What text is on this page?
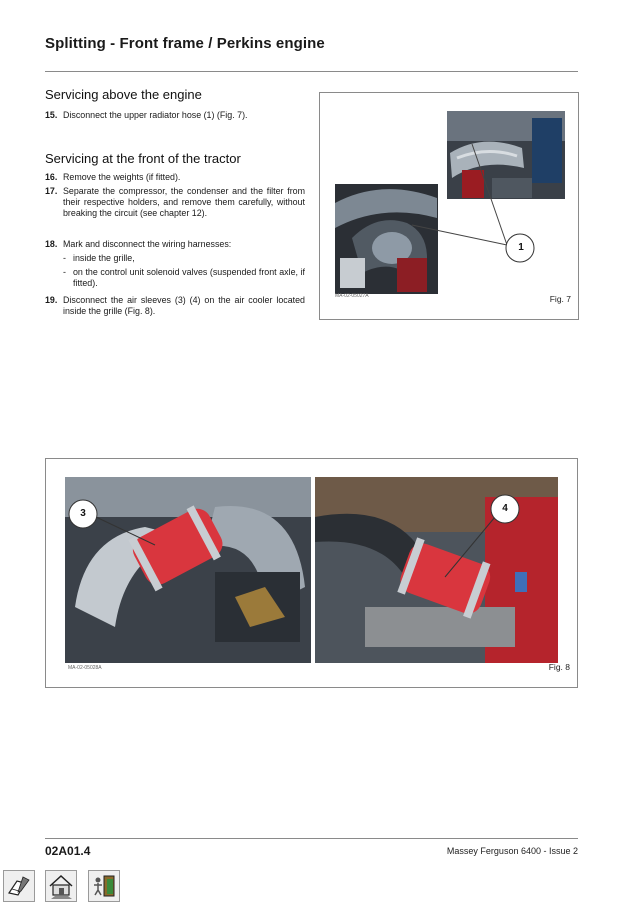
Splitting - Front frame / Perkins engine
Servicing above the engine
15. Disconnect the upper radiator hose (1) (Fig. 7).
Servicing at the front of the tractor
16. Remove the weights (if fitted).
17. Separate the compressor, the condenser and the filter from their respective holders, and remove them carefully, without breaking the circuit (see chapter 12).
18. Mark and disconnect the wiring harnesses:
- inside the grille,
- on the control unit solenoid valves (suspended front axle, if fitted).
19. Disconnect the air sleeves (3) (4) on the air cooler located inside the grille (Fig. 8).
1
MA-02-05027A	Fig. 7
3	4
MA-02-05028A	Fig. 8
02A01.4	Massey Ferguson 6400 - Issue 2
